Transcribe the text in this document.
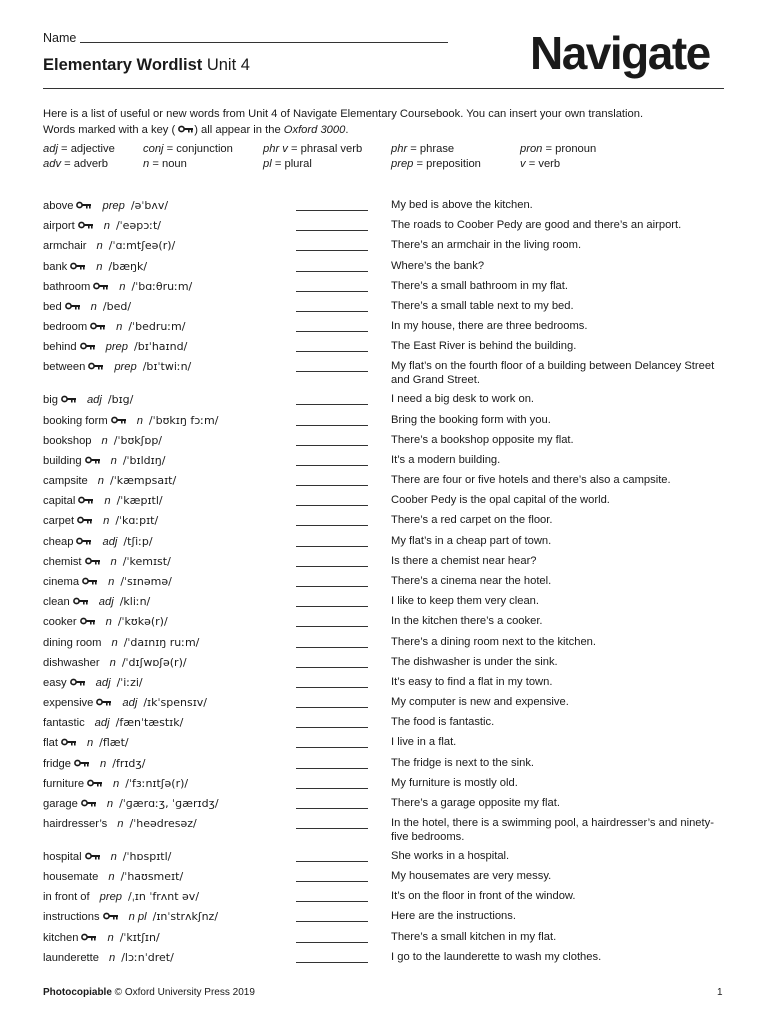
Name
Elementary Wordlist Unit 4	Navigate
Here is a list of useful or new words from Unit 4 of Navigate Elementary Coursebook. You can insert your own translation.
Words marked with a key ( ) all appear in the Oxford 3000.
adj = adjective
adv = adverb
conj = conjunction
n = noun
phr v = phrasal verb
pl = plural
phr = phrase
prep = preposition
pron = pronoun
v = verb
above	prep /əˈbʌv/	My bed is above the kitchen.
airport	n /ˈeəpɔːt/	The roads to Coober Pedy are good and there’s an airport.
armchair n /ˈɑːmtʃeə(r)/	There’s an armchair in the living room.
bank	n /bæŋk/	Where’s the bank?
bathroom	n /ˈbɑːθruːm/	There’s a small bathroom in my flat.
bed	n /bed/	There’s a small table next to my bed.
bedroom	n /ˈbedruːm/	In my house, there are three bedrooms.
behind	prep /bɪˈhaɪnd/	The East River is behind the building.
between	prep /bɪˈtwiːn/	My flat’s on the fourth floor of a building between Delancey Street and Grand Street.
big	adj /bɪg/	I need a big desk to work on.
booking form	n /ˈbʊkɪŋ fɔːm/	Bring the booking form with you.
bookshop n /ˈbʊkʃɒp/	There’s a bookshop opposite my flat.
building	n /ˈbɪldɪŋ/	It’s a modern building.
campsite n /ˈkæmpsaɪt/	There are four or five hotels and there’s also a campsite.
capital	n /ˈkæpɪtl/	Coober Pedy is the opal capital of the world.
carpet	n /ˈkɑːpɪt/	There’s a red carpet on the floor.
cheap	adj /tʃiːp/	My flat’s in a cheap part of town.
chemist	n /ˈkemɪst/	Is there a chemist near hear?
cinema	n /ˈsɪnəmə/	There’s a cinema near the hotel.
clean	adj /kliːn/	I like to keep them very clean.
cooker	n /ˈkʊkə(r)/	In the kitchen there’s a cooker.
dining room n /ˈdaɪnɪŋ ruːm/	There’s a dining room next to the kitchen.
dishwasher n /ˈdɪʃwɒʃə(r)/	The dishwasher is under the sink.
easy	adj /ˈiːzi/	It’s easy to find a flat in my town.
expensive	adj /ɪkˈspensɪv/	My computer is new and expensive.
fantastic adj /fænˈtæstɪk/	The food is fantastic.
flat	n /flæt/	I live in a flat.
fridge	n /frɪdʒ/	The fridge is next to the sink.
furniture	n /ˈfɜːnɪtʃə(r)/	My furniture is mostly old.
garage	n /ˈɡærɑːʒ, ˈɡærɪdʒ/	There’s a garage opposite my flat.
hairdresser’s n /ˈheədresəz/	In the hotel, there is a swimming pool, a hairdresser’s and ninety-five bedrooms.
hospital	n /ˈhɒspɪtl/	She works in a hospital.
housemate n /ˈhaʊsmeɪt/	My housemates are very messy.
in front of prep /ˌɪn ˈfrʌnt əv/	It’s on the floor in front of the window.
instructions	n pl /ɪnˈstrʌkʃnz/	Here are the instructions.
kitchen	n /ˈkɪtʃɪn/	There’s a small kitchen in my flat.
launderette n /lɔːnˈdret/	I go to the launderette to wash my clothes.
Photocopiable © Oxford University Press 2019	1
